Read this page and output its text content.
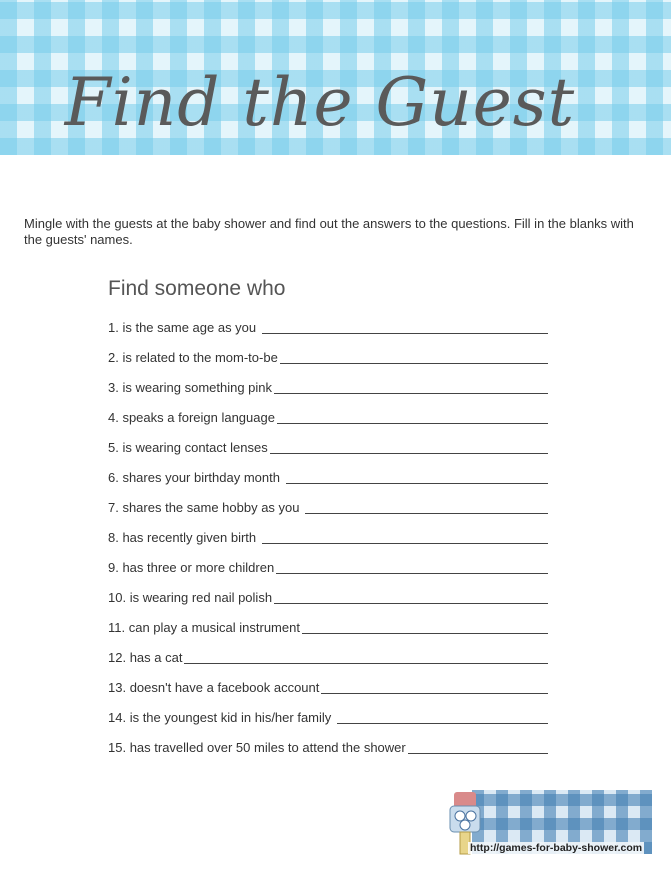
Find the Guest
Mingle with the guests at the baby shower and find out the answers to the questions. Fill in the blanks with the guests' names.
Find someone who
1. is the same age as you
2. is related to the mom-to-be
3. is wearing something pink
4. speaks a foreign language
5. is wearing contact lenses
6. shares your birthday month
7. shares the same hobby as you
8. has recently given birth
9. has three or more children
10. is wearing red nail polish
11. can play a musical instrument
12. has a cat
13. doesn't have a facebook account
14. is the youngest kid in his/her family
15. has travelled over 50 miles to attend the shower
http://games-for-baby-shower.com
